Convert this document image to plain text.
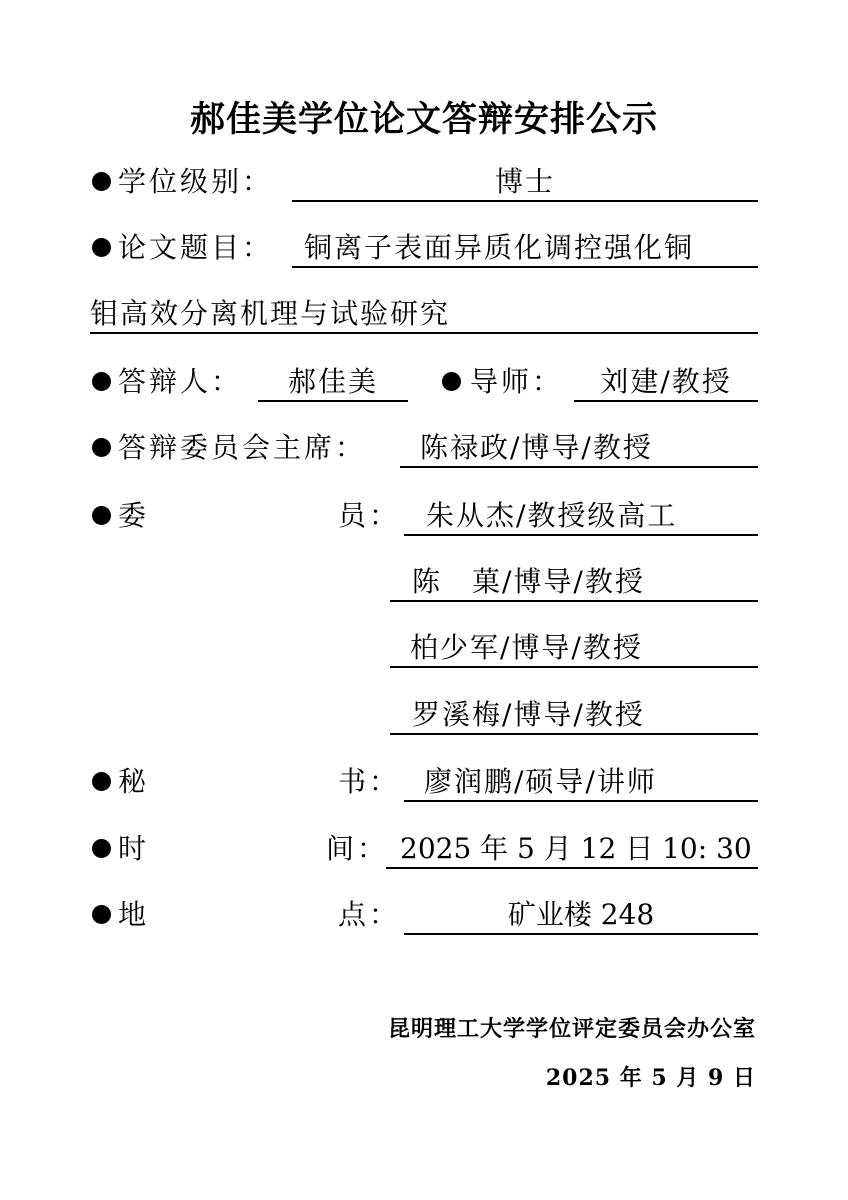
郝佳美学位论文答辩安排公示
学位级别：	博士
论文题目：	铜离子表面异质化调控强化铜
钼高效分离机理与试验研究
答辩人：	郝佳美	导师：	刘建/教授
答辩委员会主席：	陈禄政/博导/教授
委	员： 朱从杰/教授级高工
陈　菓/博导/教授
柏少军/博导/教授
罗溪梅/博导/教授
秘	书： 廖润鹏/硕导/讲师
时	间： 2025 年 5 月 12 日 10: 30
地	点：	矿业楼 248
昆明理工大学学位评定委员会办公室
2025 年 5 月 9 日
